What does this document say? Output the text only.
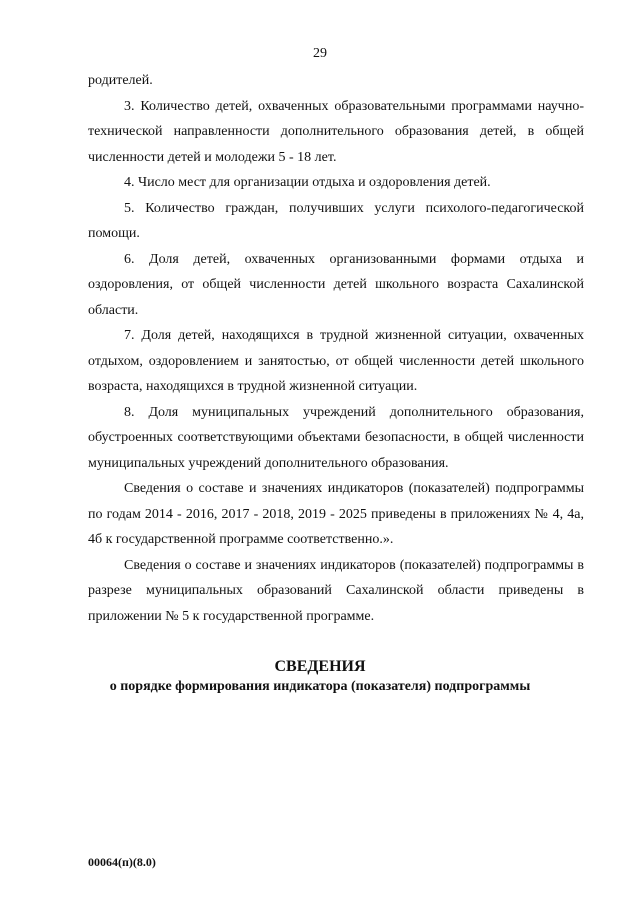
29

родителей.

3. Количество детей, охваченных образовательными программами научно-технической направленности дополнительного образования детей, в общей численности детей и молодежи 5 - 18 лет.

4. Число мест для организации отдыха и оздоровления детей.

5. Количество граждан, получивших услуги психолого-педагогической помощи.

6. Доля детей, охваченных организованными формами отдыха и оздоровления, от общей численности детей школьного возраста Сахалинской области.

7. Доля детей, находящихся в трудной жизненной ситуации, охваченных отдыхом, оздоровлением и занятостью, от общей численности детей школьного возраста, находящихся в трудной жизненной ситуации.

8. Доля муниципальных учреждений дополнительного образования, обустроенных соответствующими объектами безопасности, в общей численности муниципальных учреждений дополнительного образования.

Сведения о составе и значениях индикаторов (показателей) подпрограммы по годам 2014 - 2016, 2017 - 2018, 2019 - 2025 приведены в приложениях № 4, 4а, 4б к государственной программе соответственно.».

Сведения о составе и значениях индикаторов (показателей) подпрограммы в разрезе муниципальных образований Сахалинской области приведены в приложении № 5 к государственной программе.

СВЕДЕНИЯ
о порядке формирования индикатора (показателя) подпрограммы
00064(п)(8.0)
